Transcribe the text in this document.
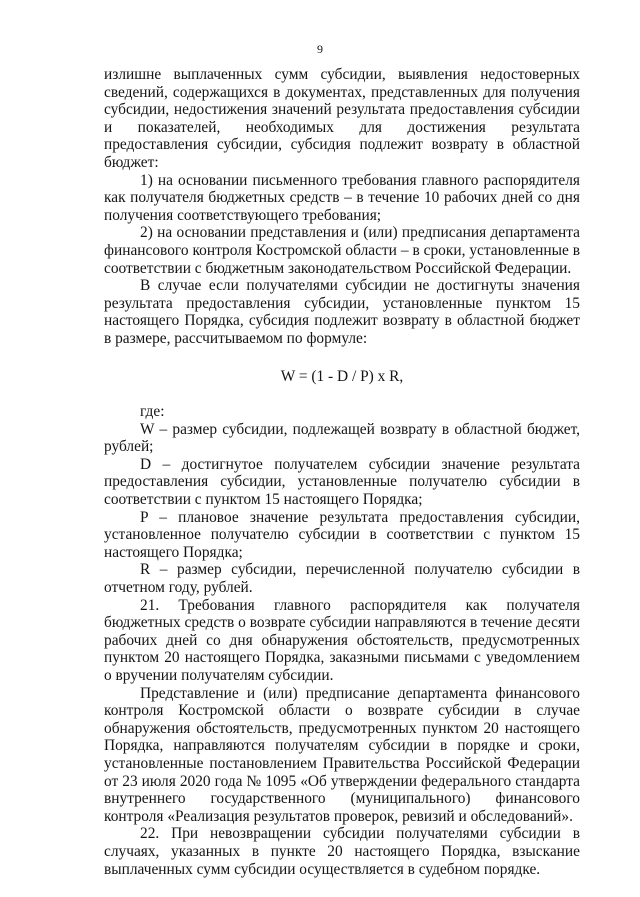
9

излишне выплаченных сумм субсидии, выявления недостоверных сведений, содержащихся в документах, представленных для получения субсидии, недостижения значений результата предоставления субсидии и показателей, необходимых для достижения результата предоставления субсидии, субсидия подлежит возврату в областной бюджет:

1) на основании письменного требования главного распорядителя как получателя бюджетных средств – в течение 10 рабочих дней со дня получения соответствующего требования;

2) на основании представления и (или) предписания департамента финансового контроля Костромской области – в сроки, установленные в соответствии с бюджетным законодательством Российской Федерации.

В случае если получателями субсидии не достигнуты значения результата предоставления субсидии, установленные пунктом 15 настоящего Порядка, субсидия подлежит возврату в областной бюджет в размере, рассчитываемом по формуле:

W = (1 - D / P) x R,

где:

W – размер субсидии, подлежащей возврату в областной бюджет, рублей;

D – достигнутое получателем субсидии значение результата предоставления субсидии, установленные получателю субсидии в соответствии с пунктом 15 настоящего Порядка;

P – плановое значение результата предоставления субсидии, установленное получателю субсидии в соответствии с пунктом 15 настоящего Порядка;

R – размер субсидии, перечисленной получателю субсидии в отчетном году, рублей.

21. Требования главного распорядителя как получателя бюджетных средств о возврате субсидии направляются в течение десяти рабочих дней со дня обнаружения обстоятельств, предусмотренных пунктом 20 настоящего Порядка, заказными письмами с уведомлением о вручении получателям субсидии.

Представление и (или) предписание департамента финансового контроля Костромской области о возврате субсидии в случае обнаружения обстоятельств, предусмотренных пунктом 20 настоящего Порядка, направляются получателям субсидии в порядке и сроки, установленные постановлением Правительства Российской Федерации от 23 июля 2020 года № 1095 «Об утверждении федерального стандарта внутреннего государственного (муниципального) финансового контроля «Реализация результатов проверок, ревизий и обследований».

22. При невозвращении субсидии получателями субсидии в случаях, указанных в пункте 20 настоящего Порядка, взыскание выплаченных сумм субсидии осуществляется в судебном порядке.
